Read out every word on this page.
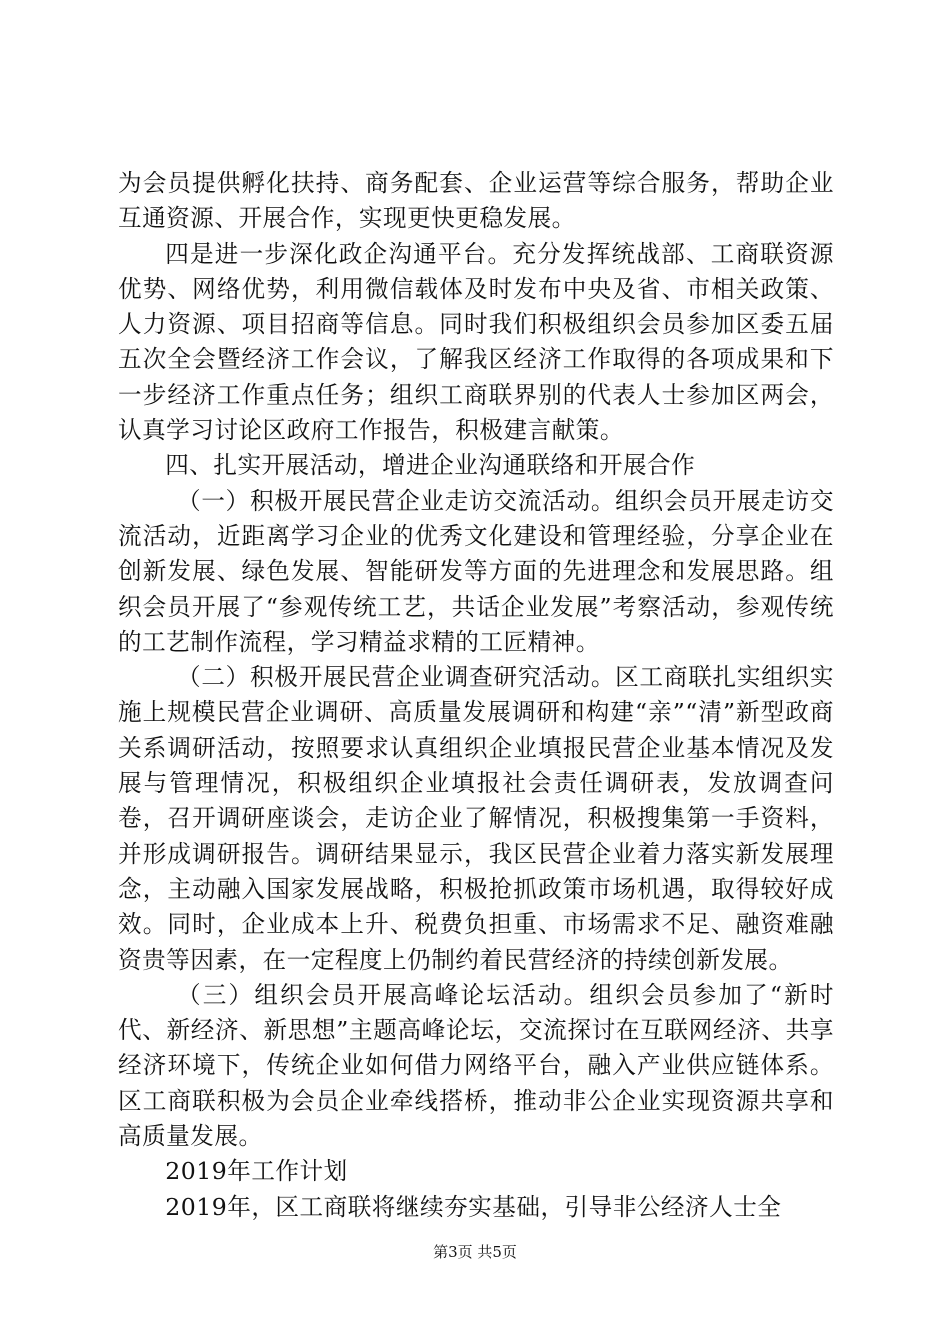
为会员提供孵化扶持、商务配套、企业运营等综合服务，帮助企业互通资源、开展合作，实现更快更稳发展。

四是进一步深化政企沟通平台。充分发挥统战部、工商联资源优势、网络优势，利用微信载体及时发布中央及省、市相关政策、人力资源、项目招商等信息。同时我们积极组织会员参加区委五届五次全会暨经济工作会议，了解我区经济工作取得的各项成果和下一步经济工作重点任务；组织工商联界别的代表人士参加区两会，认真学习讨论区政府工作报告，积极建言献策。

四、扎实开展活动，增进企业沟通联络和开展合作

（一）积极开展民营企业走访交流活动。组织会员开展走访交流活动，近距离学习企业的优秀文化建设和管理经验，分享企业在创新发展、绿色发展、智能研发等方面的先进理念和发展思路。组织会员开展了“参观传统工艺，共话企业发展”考察活动，参观传统的工艺制作流程，学习精益求精的工匠精神。

（二）积极开展民营企业调查研究活动。区工商联扎实组织实施上规模民营企业调研、高质量发展调研和构建“亲”“清”新型政商关系调研活动，按照要求认真组织企业填报民营企业基本情况及发展与管理情况，积极组织企业填报社会责任调研表，发放调查问卷，召开调研座谈会，走访企业了解情况，积极搜集第一手资料，并形成调研报告。调研结果显示，我区民营企业着力落实新发展理念，主动融入国家发展战略，积极抢抓政策市场机遇，取得较好成效。同时，企业成本上升、税费负担重、市场需求不足、融资难融资贵等因素，在一定程度上仍制约着民营经济的持续创新发展。

（三）组织会员开展高峰论坛活动。组织会员参加了“新时代、新经济、新思想”主题高峰论坛，交流探讨在互联网经济、共享经济环境下，传统企业如何借力网络平台，融入产业供应链体系。区工商联积极为会员企业牵线搭桥，推动非公企业实现资源共享和高质量发展。

2019年工作计划

2019年，区工商联将继续夯实基础，引导非公经济人士全

第3页 共5页
